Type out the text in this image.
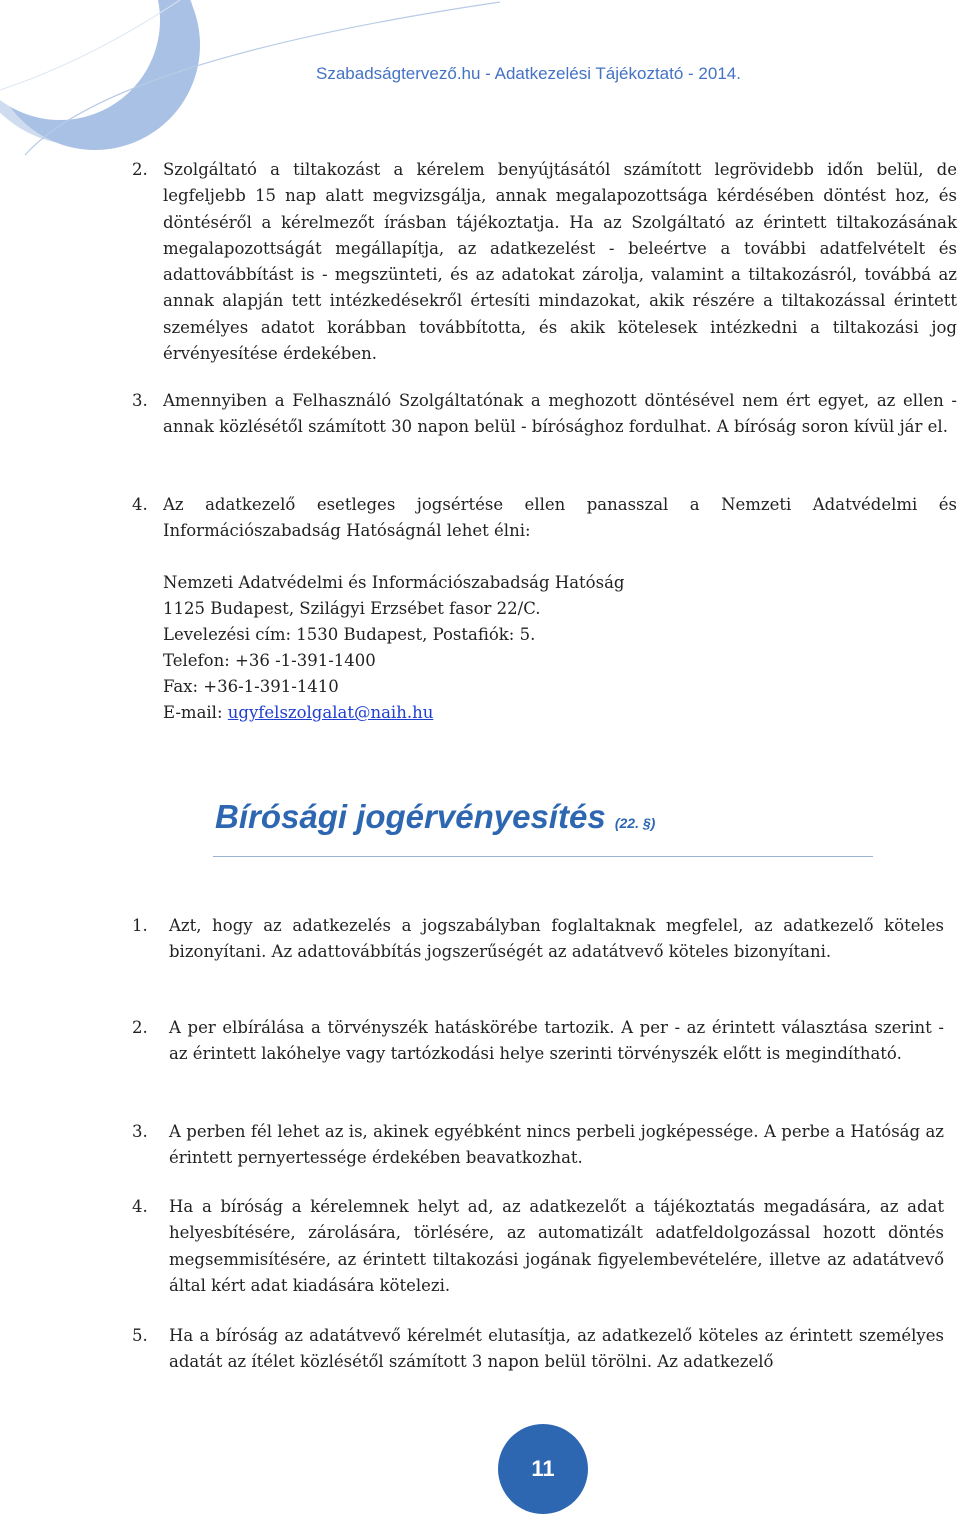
Szabadságtervező.hu - Adatkezelési Tájékoztató - 2014.
2. Szolgáltató a tiltakozást a kérelem benyújtásától számított legrövidebb időn belül, de legfeljebb 15 nap alatt megvizsgálja, annak megalapozottsága kérdésében döntést hoz, és döntéséről a kérelmezőt írásban tájékoztatja. Ha az Szolgáltató az érintett tiltakozásának megalapozottságát megállapítja, az adatkezelést - beleértve a további adatfelvételt és adattovábbítást is - megszünteti, és az adatokat zárolja, valamint a tiltakozásról, továbbá az annak alapján tett intézkedésekről értesíti mindazokat, akik részére a tiltakozással érintett személyes adatot korábban továbbította, és akik kötelesek intézkedni a tiltakozási jog érvényesítése érdekében.
3. Amennyiben a Felhasználó Szolgáltatónak a meghozott döntésével nem ért egyet, az ellen - annak közlésétől számított 30 napon belül - bírósághoz fordulhat. A bíróság soron kívül jár el.
4. Az adatkezelő esetleges jogsértése ellen panasszal a Nemzeti Adatvédelmi és Információszabadság Hatóságnál lehet élni:
Nemzeti Adatvédelmi és Információszabadság Hatóság
1125 Budapest, Szilágyi Erzsébet fasor 22/C.
Levelezési cím: 1530 Budapest, Postafiók: 5.
Telefon: +36 -1-391-1400
Fax: +36-1-391-1410
E-mail: ugyfelszolgalat@naih.hu
Bírósági jogérvényesítés (22. §)
1. Azt, hogy az adatkezelés a jogszabályban foglaltaknak megfelel, az adatkezelő köteles bizonyítani. Az adattovábbítás jogszerűségét az adatátvevő köteles bizonyítani.
2. A per elbírálása a törvényszék hatáskörébe tartozik. A per - az érintett választása szerint - az érintett lakóhelye vagy tartózkodási helye szerinti törvényszék előtt is megindítható.
3. A perben fél lehet az is, akinek egyébként nincs perbeli jogképessége. A perbe a Hatóság az érintett pernyertessége érdekében beavatkozhat.
4. Ha a bíróság a kérelemnek helyt ad, az adatkezelőt a tájékoztatás megadására, az adat helyesbítésére, zárolására, törlésére, az automatizált adatfeldolgozással hozott döntés megsemmisítésére, az érintett tiltakozási jogának figyelembevételére, illetve az adatátvevő által kért adat kiadására kötelezi.
5. Ha a bíróság az adatátvevő kérelmét elutasítja, az adatkezelő köteles az érintett személyes adatát az ítélet közlésétől számított 3 napon belül törölni. Az adatkezelő
11
